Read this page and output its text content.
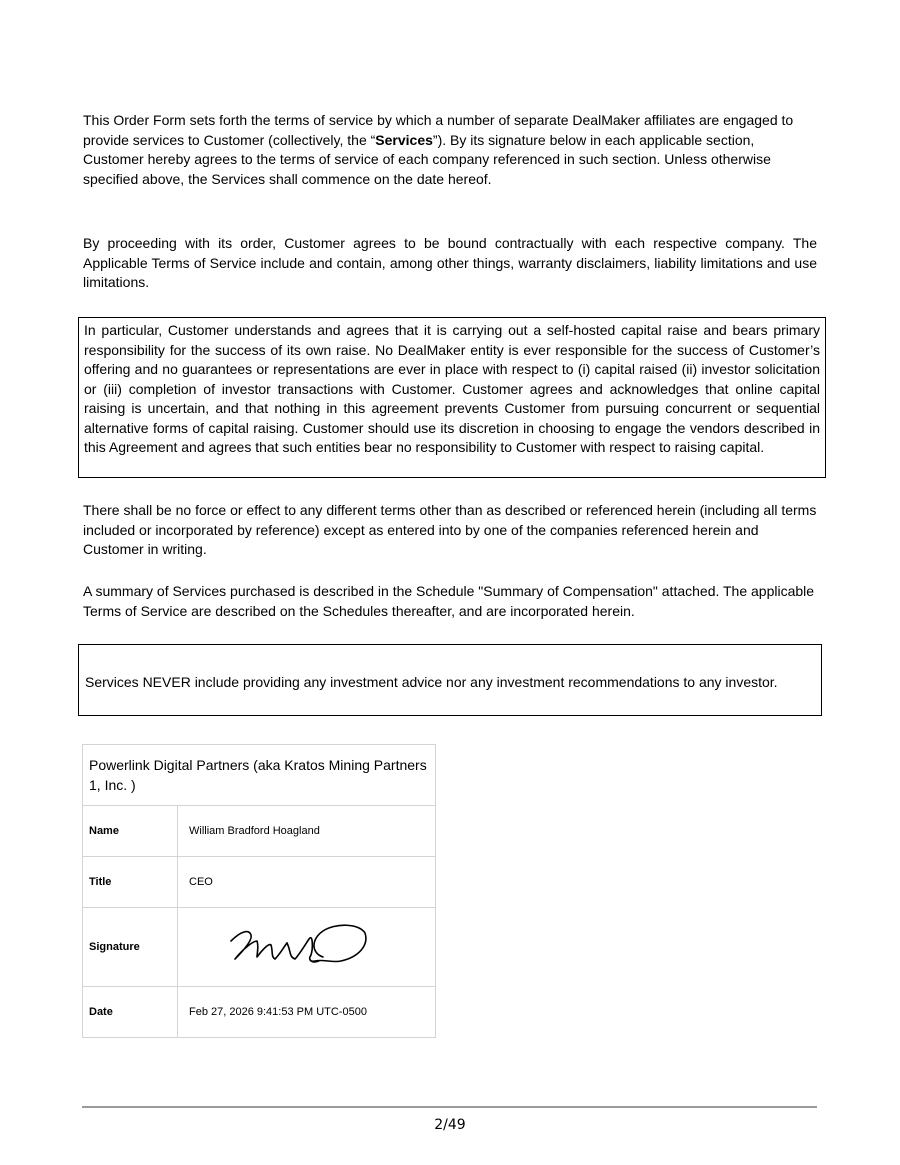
This Order Form sets forth the terms of service by which a number of separate DealMaker affiliates are engaged to provide services to Customer (collectively, the “Services”). By its signature below in each applicable section, Customer hereby agrees to the terms of service of each company referenced in such section. Unless otherwise specified above, the Services shall commence on the date hereof.

By proceeding with its order, Customer agrees to be bound contractually with each respective company. The Applicable Terms of Service include and contain, among other things, warranty disclaimers, liability limitations and use limitations.

In particular, Customer understands and agrees that it is carrying out a self-hosted capital raise and bears primary responsibility for the success of its own raise. No DealMaker entity is ever responsible for the success of Customer’s offering and no guarantees or representations are ever in place with respect to (i) capital raised (ii) investor solicitation or (iii) completion of investor transactions with Customer. Customer agrees and acknowledges that online capital raising is uncertain, and that nothing in this agreement prevents Customer from pursuing concurrent or sequential alternative forms of capital raising. Customer should use its discretion in choosing to engage the vendors described in this Agreement and agrees that such entities bear no responsibility to Customer with respect to raising capital.

There shall be no force or effect to any different terms other than as described or referenced herein (including all terms included or incorporated by reference) except as entered into by one of the companies referenced herein and Customer in writing.

A summary of Services purchased is described in the Schedule "Summary of Compensation" attached. The applicable Terms of Service are described on the Schedules thereafter, and are incorporated herein.

Services NEVER include providing any investment advice nor any investment recommendations to any investor.

Powerlink Digital Partners (aka Kratos Mining Partners 1, Inc. )	
Name	William Bradford Hoagland
Title	CEO
Signature	

Date	Feb 27, 2026 9:41:53 PM UTC-0500
2/49
